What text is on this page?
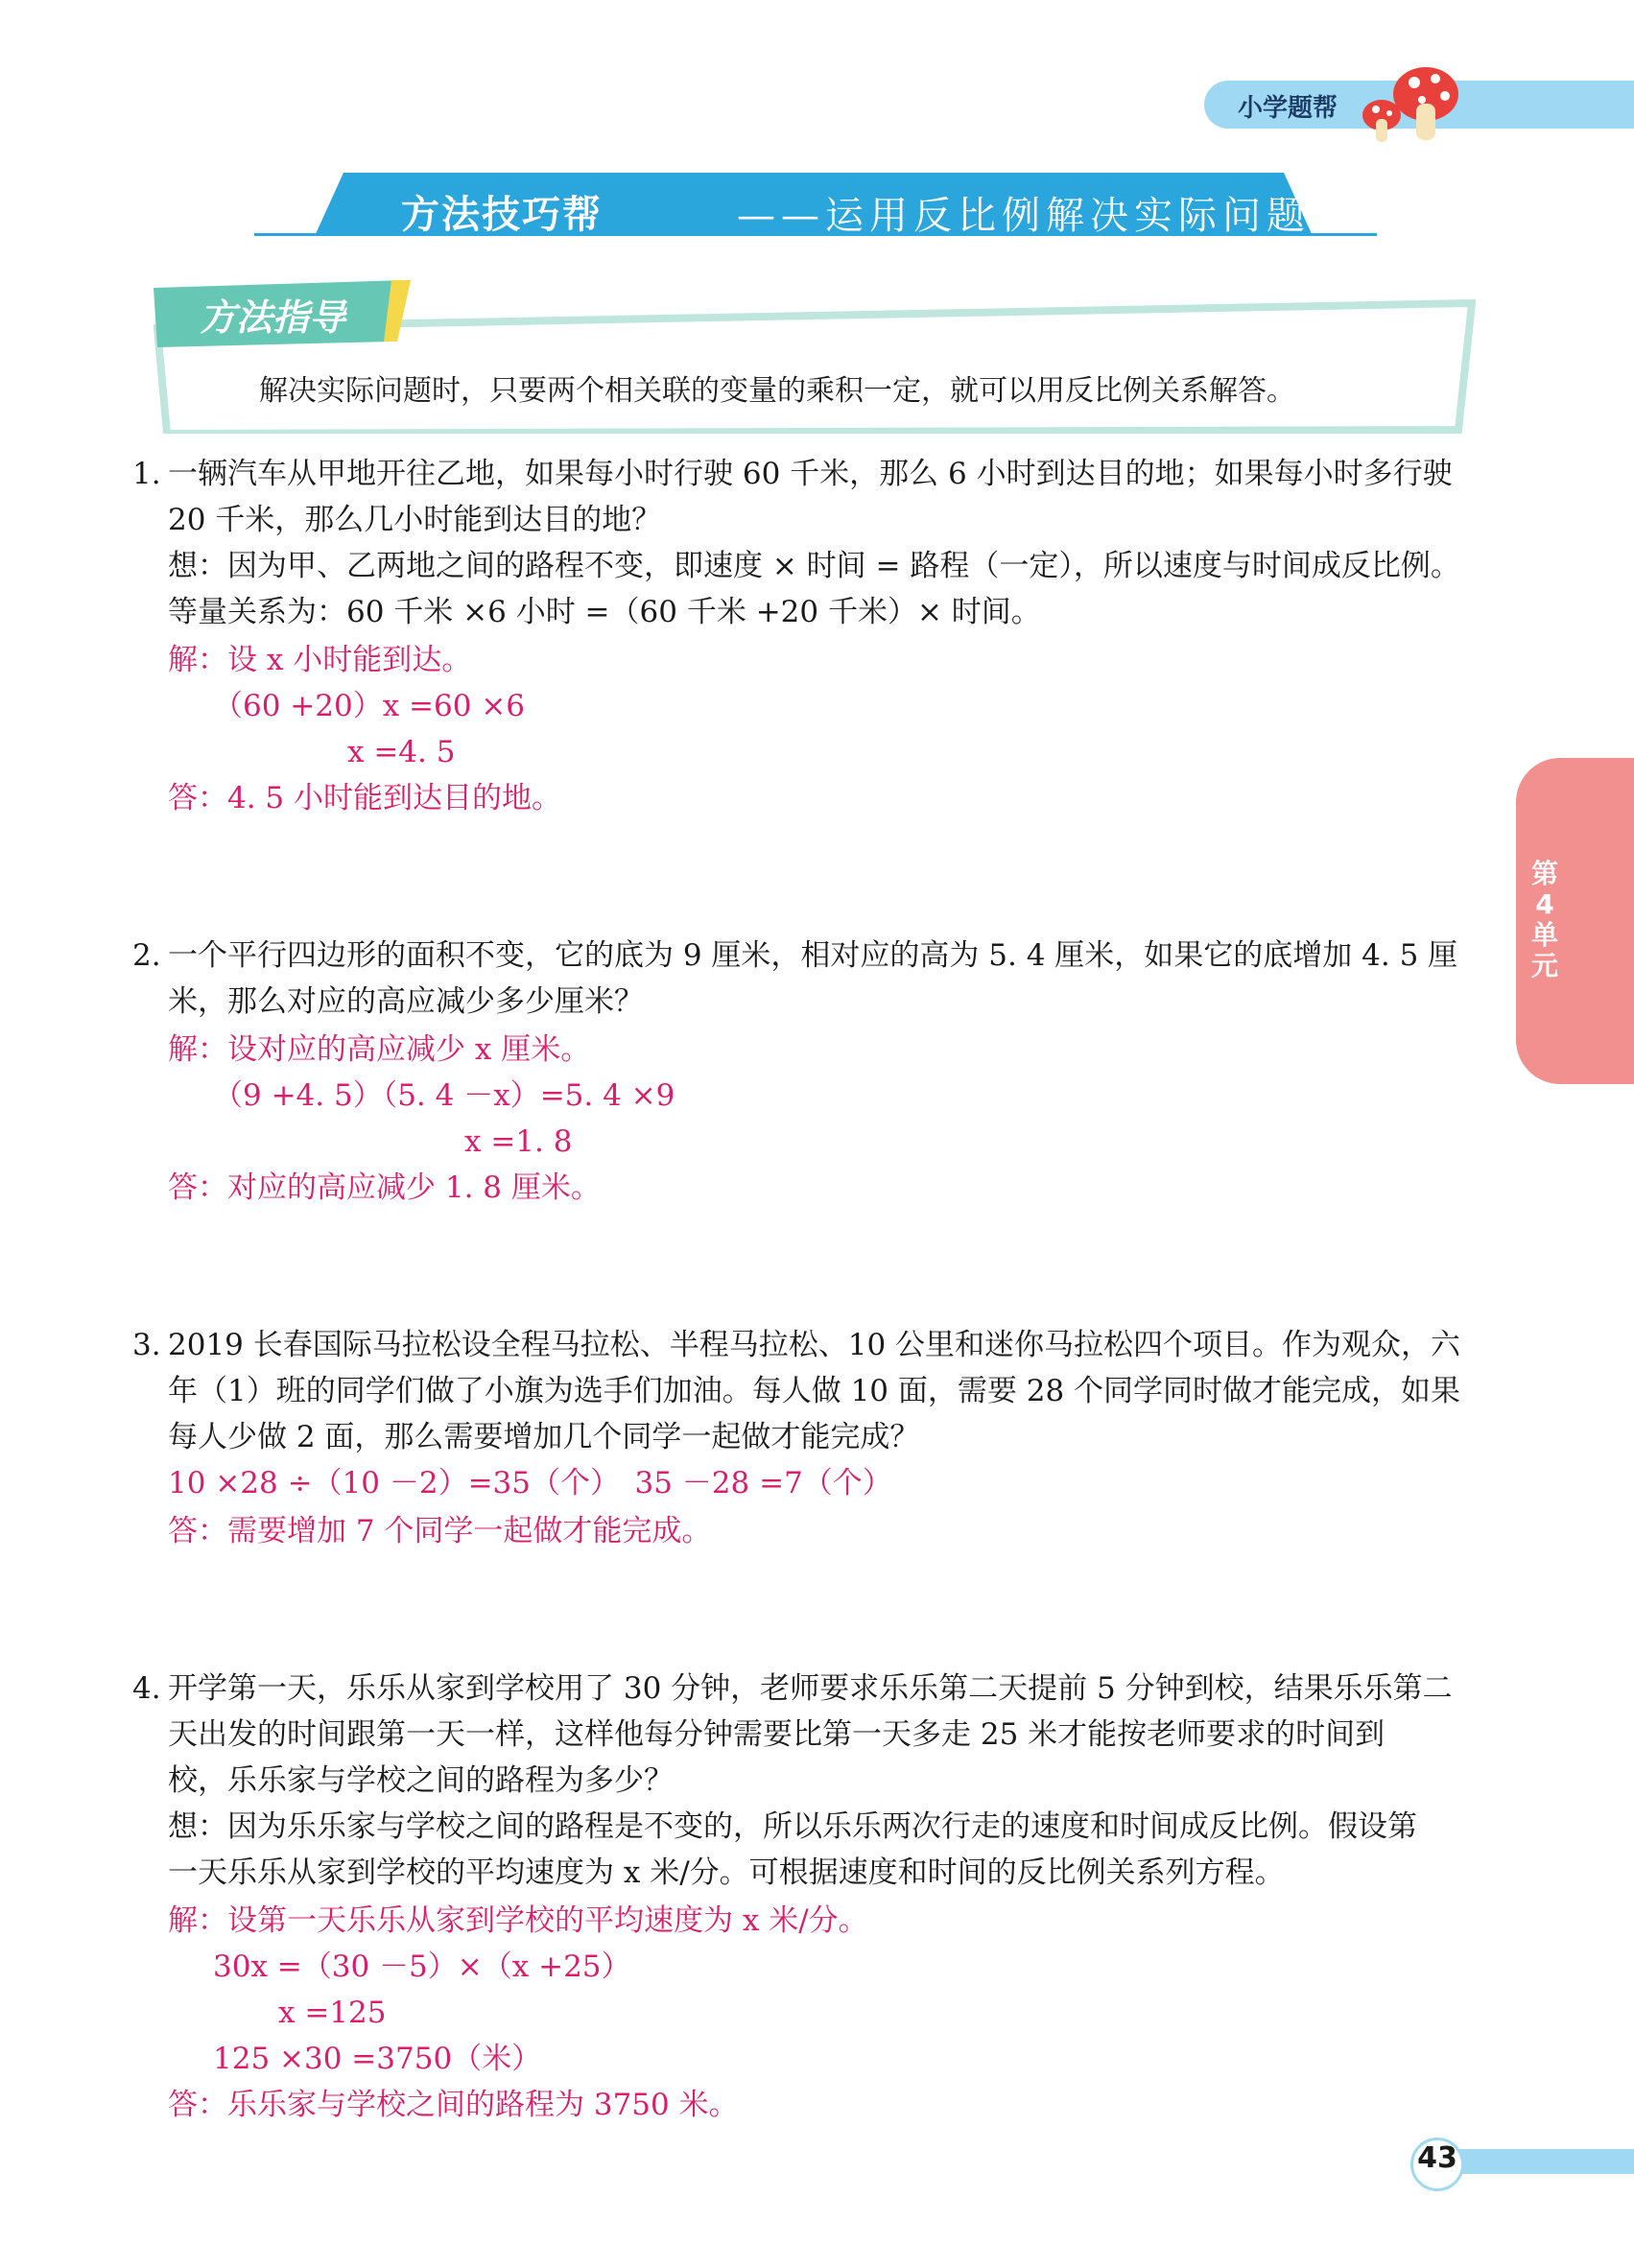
小学题帮
方法技巧帮	——运用反比例解决实际问题
方法指导
解决实际问题时，只要两个相关联的变量的乘积一定，就可以用反比例关系解答。
第4单元
1. 一辆汽车从甲地开往乙地，如果每小时行驶 60 千米，那么 6 小时到达目的地；如果每小时多行驶
20 千米，那么几小时能到达目的地？
想：因为甲、乙两地之间的路程不变，即速度 × 时间 = 路程（一定），所以速度与时间成反比例。
等量关系为：60 千米 ×6 小时 =（60 千米 +20 千米）× 时间。
解：设 x 小时能到达。
（60 +20）x =60 ×6
x =4. 5
答：4. 5 小时能到达目的地。
2. 一个平行四边形的面积不变，它的底为 9 厘米，相对应的高为 5. 4 厘米，如果它的底增加 4. 5 厘
米，那么对应的高应减少多少厘米？
解：设对应的高应减少 x 厘米。
（9 +4. 5）（5. 4 －x）=5. 4 ×9
x =1. 8
答：对应的高应减少 1. 8 厘米。
3. 2019 长春国际马拉松设全程马拉松、半程马拉松、10 公里和迷你马拉松四个项目。作为观众，六
年（1）班的同学们做了小旗为选手们加油。每人做 10 面，需要 28 个同学同时做才能完成，如果
每人少做 2 面，那么需要增加几个同学一起做才能完成？
10 ×28 ÷（10 －2）=35（个）　35 －28 =7（个）
答：需要增加 7 个同学一起做才能完成。
4. 开学第一天，乐乐从家到学校用了 30 分钟，老师要求乐乐第二天提前 5 分钟到校，结果乐乐第二
天出发的时间跟第一天一样，这样他每分钟需要比第一天多走 25 米才能按老师要求的时间到
校，乐乐家与学校之间的路程为多少？
想：因为乐乐家与学校之间的路程是不变的，所以乐乐两次行走的速度和时间成反比例。假设第
一天乐乐从家到学校的平均速度为 x 米/分。可根据速度和时间的反比例关系列方程。
解：设第一天乐乐从家到学校的平均速度为 x 米/分。
30x =（30 －5）×（x +25）
x =125
125 ×30 =3750（米）
答：乐乐家与学校之间的路程为 3750 米。
43
